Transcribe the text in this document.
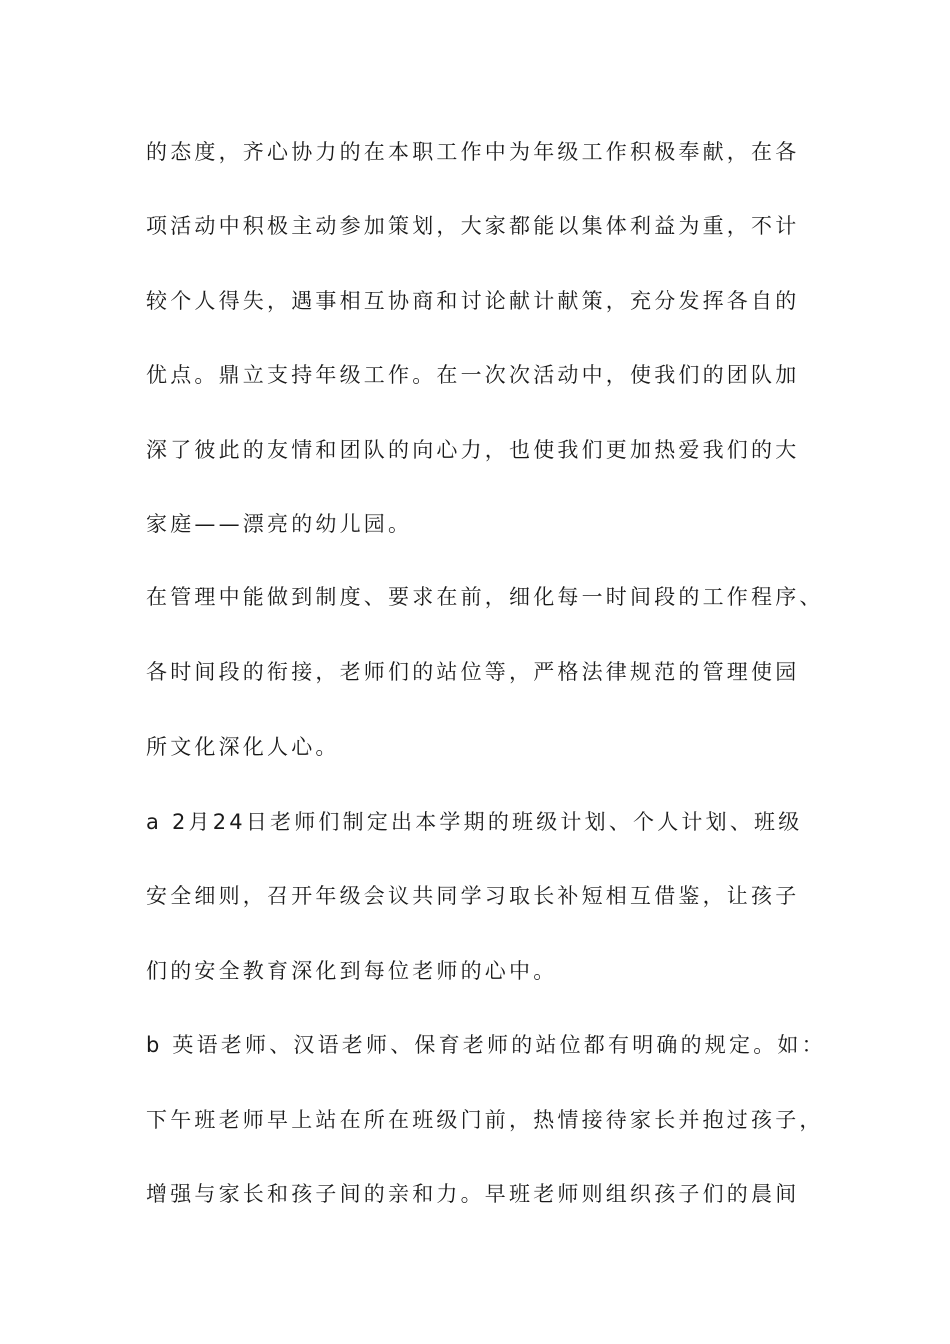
的态度，齐心协力的在本职工作中为年级工作积极奉献，在各
项活动中积极主动参加策划，大家都能以集体利益为重，不计
较个人得失，遇事相互协商和讨论献计献策，充分发挥各自的
优点。鼎立支持年级工作。在一次次活动中，使我们的团队加
深了彼此的友情和团队的向心力，也使我们更加热爱我们的大
家庭——漂亮的幼儿园。
在管理中能做到制度、要求在前，细化每一时间段的工作程序、
各时间段的衔接，老师们的站位等，严格法律规范的管理使园
所文化深化人心。
a 2月24日老师们制定出本学期的班级计划、个人计划、班级
安全细则，召开年级会议共同学习取长补短相互借鉴，让孩子
们的安全教育深化到每位老师的心中。
b 英语老师、汉语老师、保育老师的站位都有明确的规定。如：
下午班老师早上站在所在班级门前，热情接待家长并抱过孩子，
增强与家长和孩子间的亲和力。早班老师则组织孩子们的晨间
